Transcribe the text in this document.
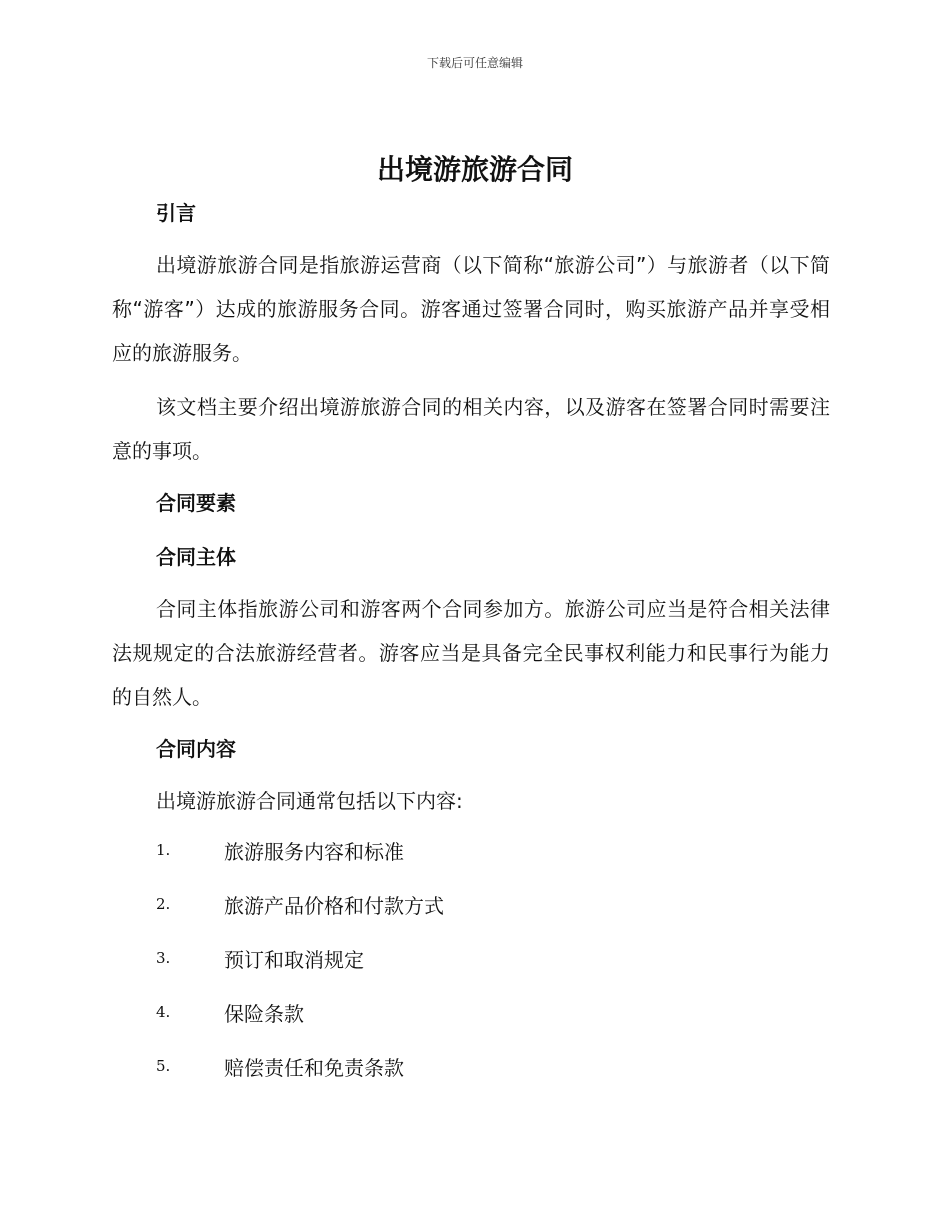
下载后可任意编辑
出境游旅游合同
引言

出境游旅游合同是指旅游运营商（以下简称“旅游公司”）与旅游者（以下简称“游客”）达成的旅游服务合同。游客通过签署合同时，购买旅游产品并享受相应的旅游服务。

该文档主要介绍出境游旅游合同的相关内容，以及游客在签署合同时需要注意的事项。

合同要素
合同主体

合同主体指旅游公司和游客两个合同参加方。旅游公司应当是符合相关法律法规规定的合法旅游经营者。游客应当是具备完全民事权利能力和民事行为能力的自然人。

合同内容

出境游旅游合同通常包括以下内容:

1.	旅游服务内容和标准
2.	旅游产品价格和付款方式
3.	预订和取消规定
4.	保险条款
5.	赔偿责任和免责条款
